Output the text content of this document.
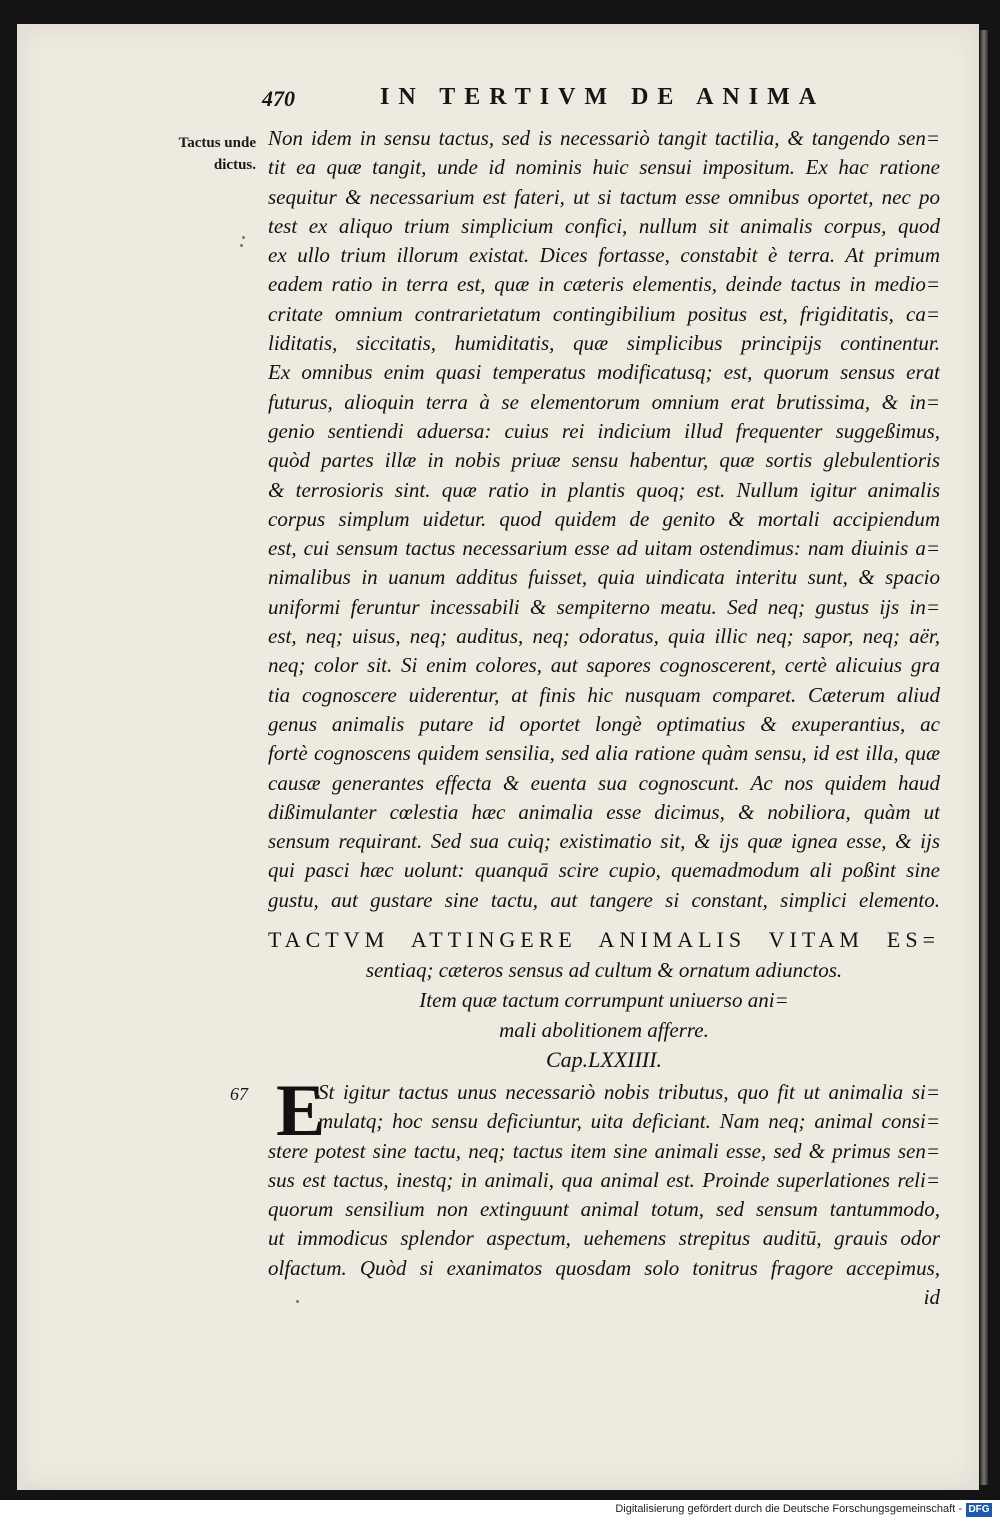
470	IN TERTIVM DE ANIMA
Tactus unde
dictus.
Non idem in sensu tactus, sed is necessariò tangit tactilia, & tangendo sen=
tit ea quæ tangit, unde id nominis huic sensui impositum. Ex hac ratione
sequitur & necessarium est fateri, ut si tactum esse omnibus oportet, nec po
test ex aliquo trium simplicium confici, nullum sit animalis corpus, quod
ex ullo trium illorum existat. Dices fortasse, constabit è terra. At primum
eadem ratio in terra est, quæ in cæteris elementis, deinde tactus in medio=
critate omnium contrarietatum contingibilium positus est, frigiditatis, ca=
liditatis, siccitatis, humiditatis, quæ simplicibus principijs continentur.
Ex omnibus enim quasi temperatus modificatusq; est, quorum sensus erat
futurus, alioquin terra à se elementorum omnium erat brutissima, & in=
genio sentiendi aduersa: cuius rei indicium illud frequenter suggeßimus,
quòd partes illæ in nobis priuæ sensu habentur, quæ sortis glebulentioris
& terrosioris sint. quæ ratio in plantis quoq; est. Nullum igitur animalis
corpus simplum uidetur. quod quidem de genito & mortali accipiendum
est, cui sensum tactus necessarium esse ad uitam ostendimus: nam diuinis a=
nimalibus in uanum additus fuisset, quia uindicata interitu sunt, & spacio
uniformi feruntur incessabili & sempiterno meatu. Sed neq; gustus ijs in=
est, neq; uisus, neq; auditus, neq; odoratus, quia illic neq; sapor, neq; aër,
neq; color sit. Si enim colores, aut sapores cognoscerent, certè alicuius gra
tia cognoscere uiderentur, at finis hic nusquam comparet. Cæterum aliud
genus animalis putare id oportet longè optimatius & exuperantius, ac
fortè cognoscens quidem sensilia, sed alia ratione quàm sensu, id est illa, quæ
causæ generantes effecta & euenta sua cognoscunt. Ac nos quidem haud
dißimulanter cœlestia hæc animalia esse dicimus, & nobiliora, quàm ut
sensum requirant. Sed sua cuiq; existimatio sit, & ijs quæ ignea esse, & ijs
qui pasci hæc uolunt: quanquā scire cupio, quemadmodum ali poßint sine
gustu, aut gustare sine tactu, aut tangere si constant, simplici elemento.
TACTVM ATTINGERE ANIMALIS VITAM ES=
sentiaq; cæteros sensus ad cultum & ornatum adiunctos.
Item quæ tactum corrumpunt uniuerso ani=
mali abolitionem afferre.
Cap.LXXIIII.
67 E
St igitur tactus unus necessariò nobis tributus, quo fit ut animalia si=
mulatq; hoc sensu deficiuntur, uita deficiant. Nam neq; animal consi=
stere potest sine tactu, neq; tactus item sine animali esse, sed & primus sen=
sus est tactus, inestq; in animali, qua animal est. Proinde superlationes reli=
quorum sensilium non extinguunt animal totum, sed sensum tantummodo,
ut immodicus splendor aspectum, uehemens strepitus auditū, grauis odor
olfactum. Quòd si exanimatos quosdam solo tonitrus fragore accepimus,
id
Digitalisierung gefördert durch die Deutsche Forschungsgemeinschaft - DFG
